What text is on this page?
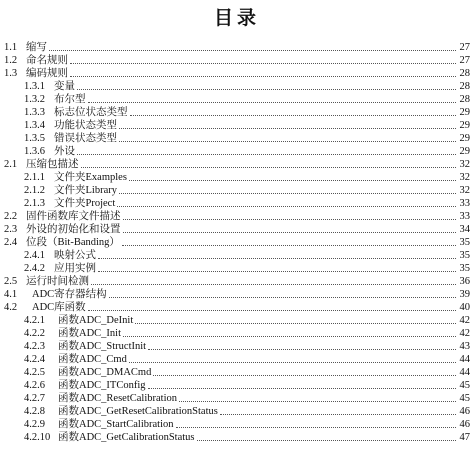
目录
1.1 缩写	27
1.2 命名规则	27
1.3 编码规则	28
1.3.1 变量	28
1.3.2 布尔型	28
1.3.3 标志位状态类型	29
1.3.4 功能状态类型	29
1.3.5 错误状态类型	29
1.3.6 外设	29
2.1 压缩包描述	32
2.1.1 文件夹Examples	32
2.1.2 文件夹Library	32
2.1.3 文件夹Project	33
2.2 固件函数库文件描述	33
2.3 外设的初始化和设置	34
2.4 位段（Bit-Banding）	35
2.4.1 映射公式	35
2.4.2 应用实例	35
2.5 运行时间检测	36
4.1 ADC寄存器结构	39
4.2 ADC库函数	40
4.2.1 函数ADC_DeInit	42
4.2.2 函数ADC_Init	42
4.2.3 函数ADC_StructInit	43
4.2.4 函数ADC_Cmd	44
4.2.5 函数ADC_DMACmd	44
4.2.6 函数ADC_ITConfig	45
4.2.7 函数ADC_ResetCalibration	45
4.2.8 函数ADC_GetResetCalibrationStatus	46
4.2.9 函数ADC_StartCalibration	46
4.2.10 函数ADC_GetCalibrationStatus	47
